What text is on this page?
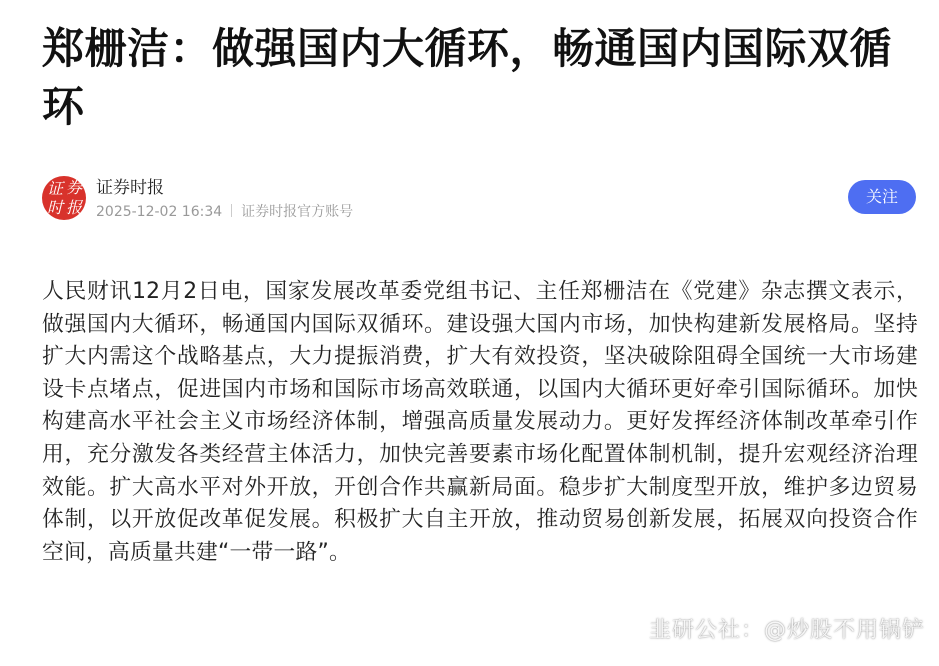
郑栅洁：做强国内大循环，畅通国内国际双循环
证 券
时 报
证券时报
2025-12-02 16:34 证券时报官方账号
关注

人民财讯12月2日电，国家发展改革委党组书记、主任郑栅洁在《党建》杂志撰文表示，做强国内大循环，畅通国内国际双循环。建设强大国内市场，加快构建新发展格局。坚持扩大内需这个战略基点，大力提振消费，扩大有效投资，坚决破除阻碍全国统一大市场建设卡点堵点，促进国内市场和国际市场高效联通，以国内大循环更好牵引国际循环。加快构建高水平社会主义市场经济体制，增强高质量发展动力。更好发挥经济体制改革牵引作用，充分激发各类经营主体活力，加快完善要素市场化配置体制机制，提升宏观经济治理效能。扩大高水平对外开放，开创合作共赢新局面。稳步扩大制度型开放，维护多边贸易体制，以开放促改革促发展。积极扩大自主开放，推动贸易创新发展，拓展双向投资合作空间，高质量共建“一带一路”。

韭研公社：@炒股不用锅铲
